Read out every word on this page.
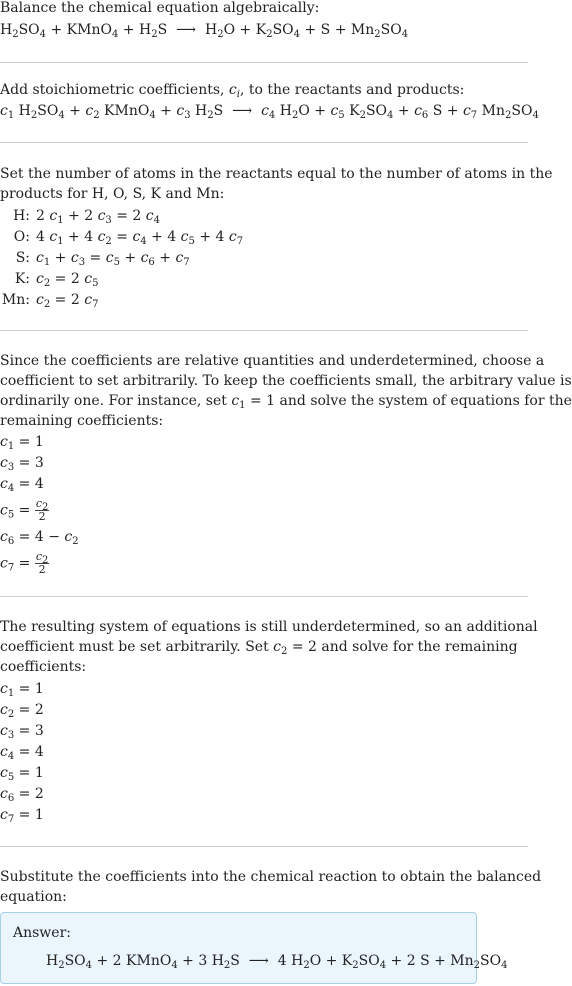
Balance the chemical equation algebraically:
$H_2SO_4$ + KMnO$_4$ + $H_2S$  ⟶  $H_2O + K_2SO_4 + S + Mn_2SO_4$
Add stoichiometric coefficients, $c_i$, to the reactants and products:
$c_1$ $H_2SO_4 + c_2$ KMnO$_4$ + $c_3$ $H_2S$  ⟶  $c_4$ $H_2O + c_5$ $K_2SO_4 + c_6$ $S + c_7$ $Mn_2SO_4$
Set the number of atoms in the reactants equal to the number of atoms in the
products for H, O, S, K and Mn:
H: 2 $c_1 + 2$ $c_3 = 2$ $c_4$
O: 4 $c_1 + 4$ $c_2 = c_4 + 4$ $c_5 + 4$ $c_7$
S: $c_1 + c_3 = c_5 + c_6 + c_7$
K: $c_2 = 2$ $c_5$
Mn: $c_2 = 2$ $c_7$
Since the coefficients are relative quantities and underdetermined, choose a
coefficient to set arbitrarily. To keep the coefficients small, the arbitrary value is
ordinarily one. For instance, set $c_1 = 1$ and solve the system of equations for the
remaining coefficients:
$c_1 = 1$
$c_3 = 3$
$c_4 = 4$
$c_5 = \frac{c_2}{2}$
$c_6 = 4 - c_2$
$c_7 = \frac{c_2}{2}$
The resulting system of equations is still underdetermined, so an additional
coefficient must be set arbitrarily. Set $c_2 = 2$ and solve for the remaining
coefficients:
$c_1 = 1$
$c_2 = 2$
$c_3 = 3$
$c_4 = 4$
$c_5 = 1$
$c_6 = 2$
$c_7 = 1$
Substitute the coefficients into the chemical reaction to obtain the balanced
equation:
Answer:
$H_2SO_4 + 2$ KMnO$_4$ + 3 $H_2S$  ⟶  4 $H_2O + K_2SO_4 + 2$ $S + Mn_2SO_4$
